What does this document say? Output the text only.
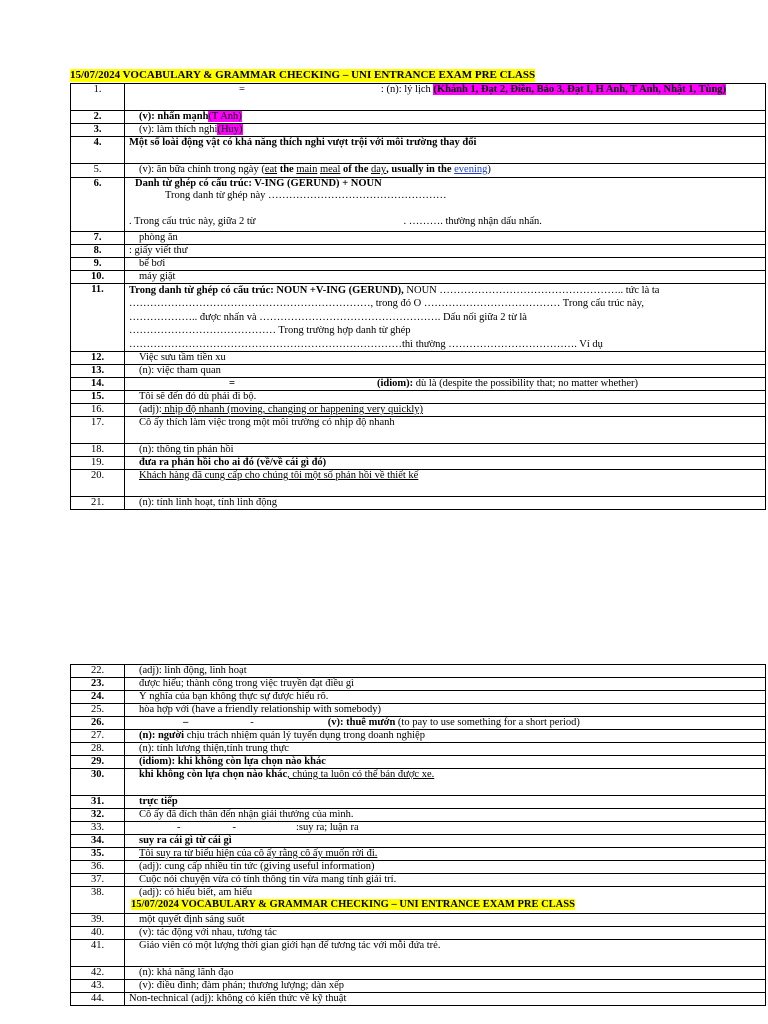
15/07/2024 VOCABULARY & GRAMMAR CHECKING – UNI ENTRANCE EXAM PRE CLASS
1.	= : (n): lý lịch (Khánh 1, Đạt 2, Điền, Bảo 3, Đạt I, H Anh, T Anh, Nhật 1, Tùng)
2.	(v): nhấn mạnh(T Anh)
3.	(v): làm thích nghi(Huy)
4.	Một số loài động vật có khả năng thích nghi vượt trội với môi trường thay đổi
5.	(v): ăn bữa chính trong ngày (eat the main meal of the day, usually in the evening)
6.	Danh từ ghép có cấu trúc: V-ING (GERUND) + NOUN
Trong danh từ ghép này ……………………………………………
. Trong cấu trúc này, giữa 2 từ . ………. thường nhận dấu nhấn.

7.	phòng ăn
8.	: giấy viết thư
9.	bể bơi
10.	máy giặt
11.	Trong danh từ ghép có cấu trúc: NOUN +V-ING (GERUND), NOUN …………………………………………….. tức là ta
……………………………………………………………, trong đó O ………………………………… Trong cấu trúc này,
……………….. được nhấn và ……………………………………………. Dấu nối giữa 2 từ là
…………………………………… Trong trường hợp danh từ ghép
……………………………………………………………………thì thường ………………………………. Ví dụ

12.	Việc sưu tầm tiền xu
13.	(n): việc tham quan
14.	= (idiom): dù là (despite the possibility that; no matter whether)
15.	Tôi sẽ đến đó dù phải đi bộ.
16.	(adj): nhịp độ nhanh (moving, changing or happening very quickly)
17.	Cô ấy thích làm việc trong một môi trường có nhịp độ nhanh
18.	(n): thông tin phản hồi
19.	đưa ra phản hồi cho ai đó (về/về cái gì đó)
20.	Khách hàng đã cung cấp cho chúng tôi một số phản hồi về thiết kế
21.	(n): tính linh hoạt, tính linh động
22.	(adj): linh động, linh hoạt
23.	được hiểu; thành công trong việc truyền đạt điều gì
24.	Ý nghĩa của bạn không thực sự được hiểu rõ.
25.	hòa hợp với (have a friendly relationship with somebody)
26.	– - (v): thuê mướn (to pay to use something for a short period)
27.	(n): người chịu trách nhiệm quản lý tuyển dụng trong doanh nghiệp
28.	(n): tính lương thiện,tính trung thực
29.	(idiom): khi không còn lựa chọn nào khác
30.	khi không còn lựa chọn nào khác, chúng ta luôn có thể bán được xe.
31.	trực tiếp
32.	Cô ấy đã đích thân đến nhận giải thưởng của mình.
33.	- - :suy ra; luận ra
34.	suy ra cái gì từ cái gì
35.	Tôi suy ra từ biểu hiện của cô ấy rằng cô ấy muốn rời đi.
36.	(adj): cung cấp nhiều tin tức (giving useful information)
37.	Cuộc nói chuyện vừa có tính thông tin vừa mang tính giải trí.
38.	(adj): có hiểu biết, am hiểu
15/07/2024 VOCABULARY & GRAMMAR CHECKING – UNI ENTRANCE EXAM PRE CLASS

39.	một quyết định sáng suốt
40.	(v): tác động với nhau, tương tác
41.	Giáo viên có một lượng thời gian giới hạn để tương tác với mỗi đứa trẻ.
42.	(n): khả năng lãnh đạo
43.	(v): điều đình; đàm phán; thương lượng; dàn xếp
44.	Non-technical (adj): không có kiến thức về kỹ thuật
